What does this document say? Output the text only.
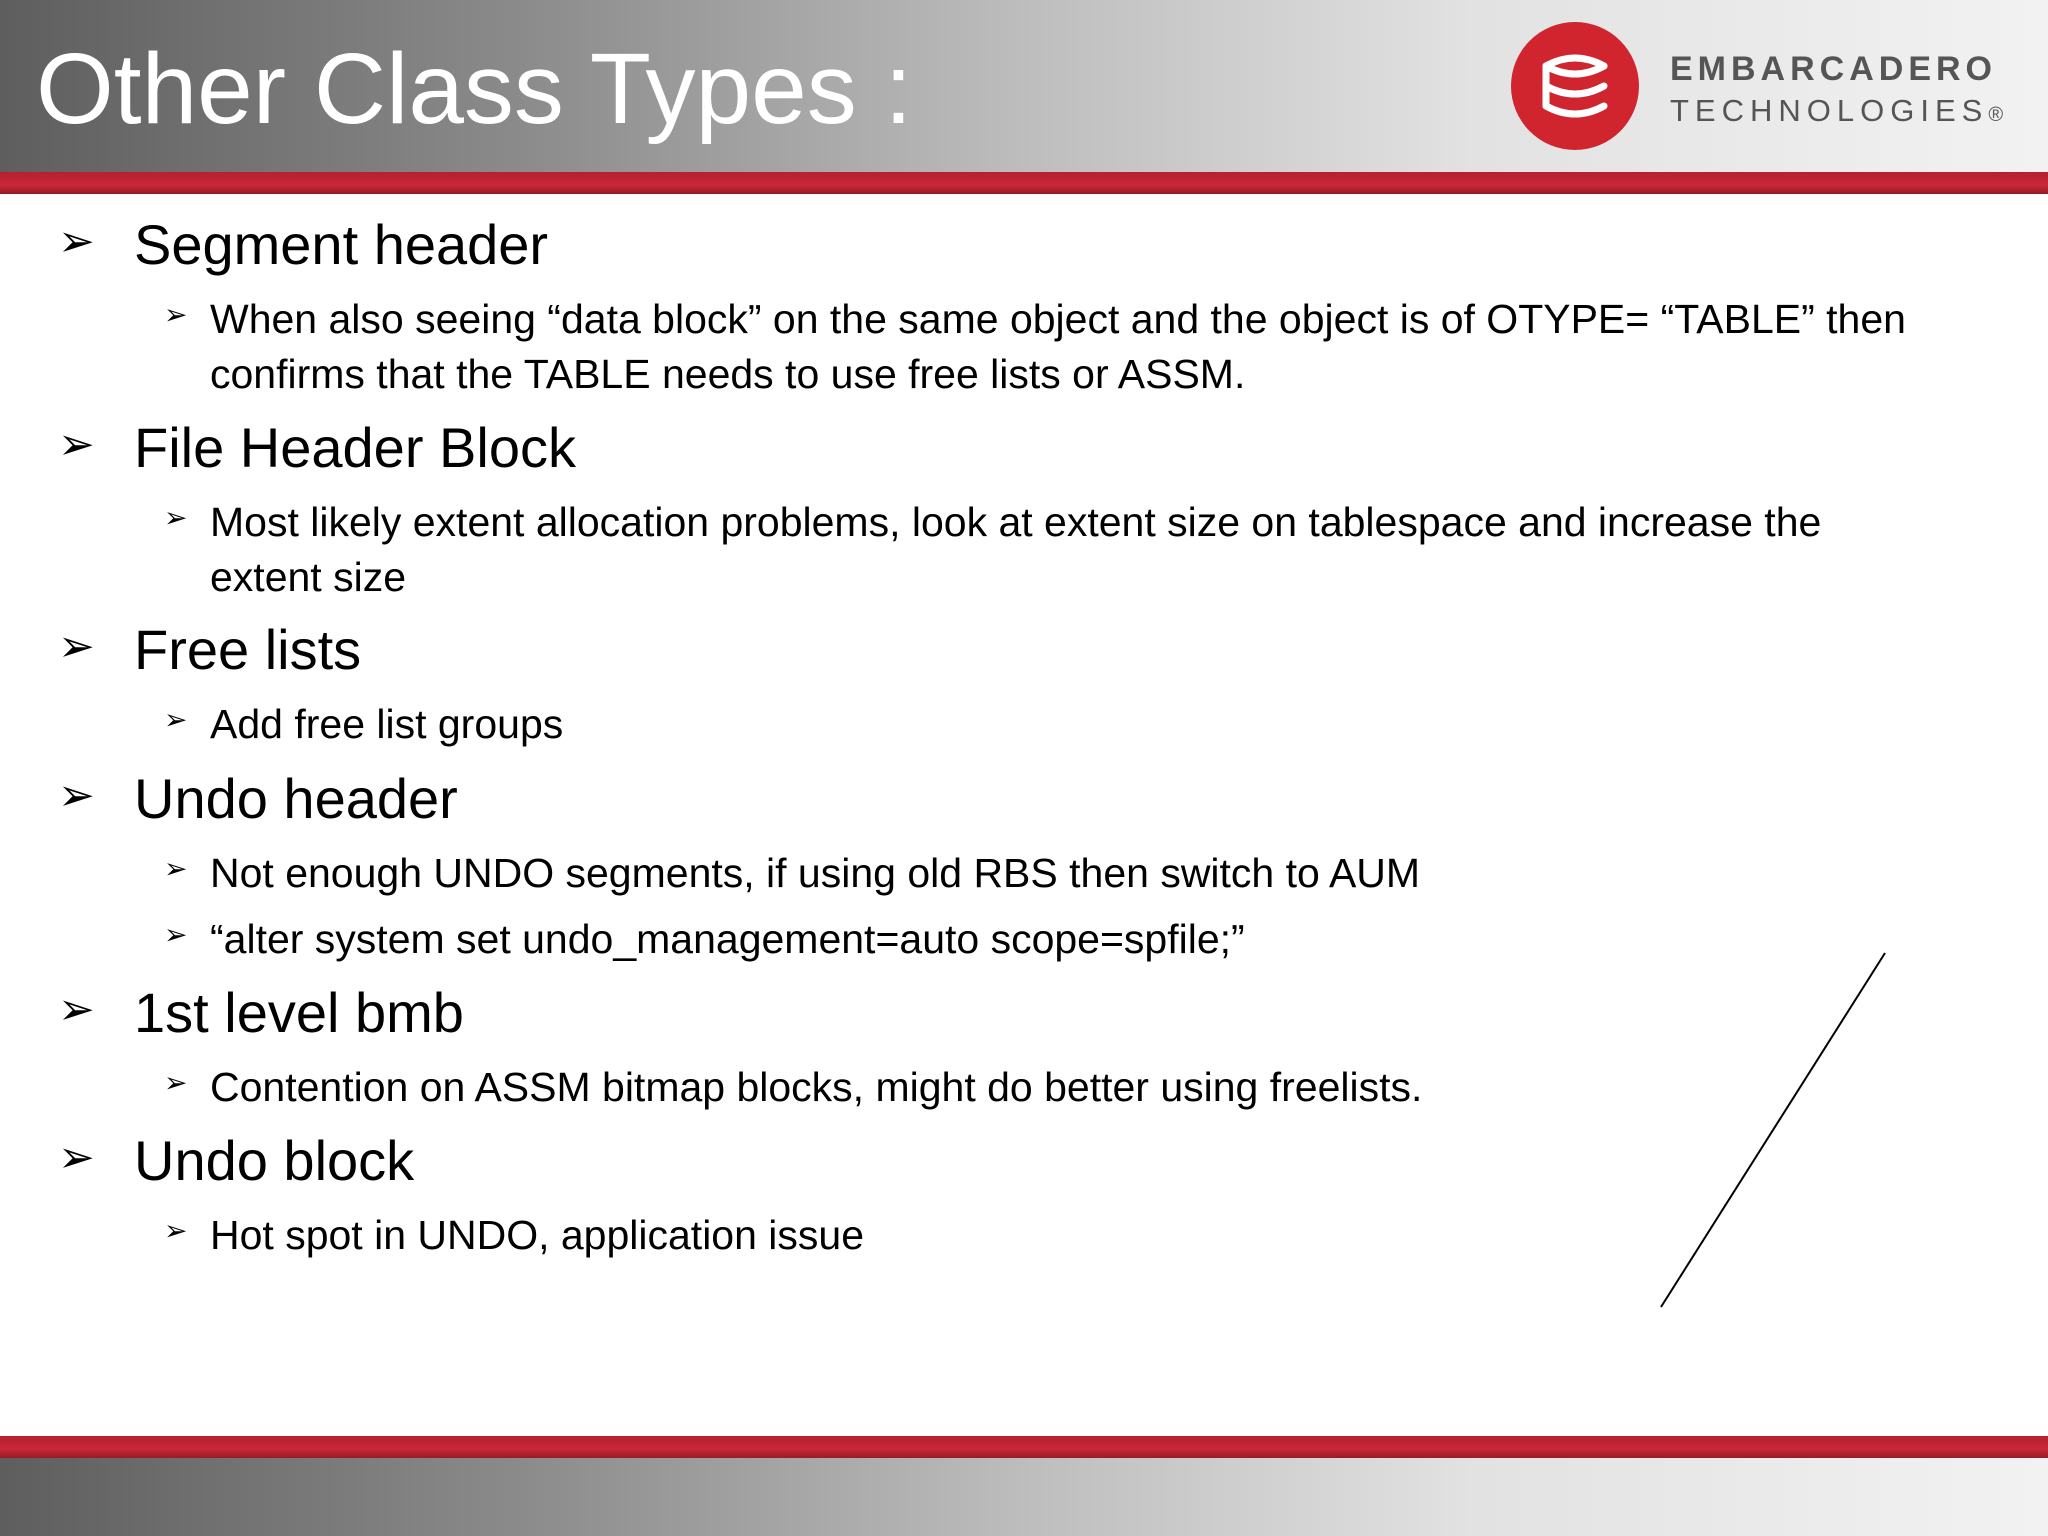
Other Class Types :	EMBARCADERO
TECHNOLOGIES®
➢ Segment header
➢ When also seeing “data block” on the same object and the object is of OTYPE= “TABLE” then confirms that the TABLE needs to use free lists or ASSM.
➢ File Header Block
➢ Most likely extent allocation problems, look at extent size on tablespace and increase the extent size
➢ Free lists
➢ Add free list groups
➢ Undo header
➢ Not enough UNDO segments, if using old RBS then switch to AUM
➢ “alter system set undo_management=auto scope=spfile;”
➢ 1st level bmb
➢ Contention on ASSM bitmap blocks, might do better using freelists.
➢ Undo block
➢ Hot spot in UNDO, application issue
